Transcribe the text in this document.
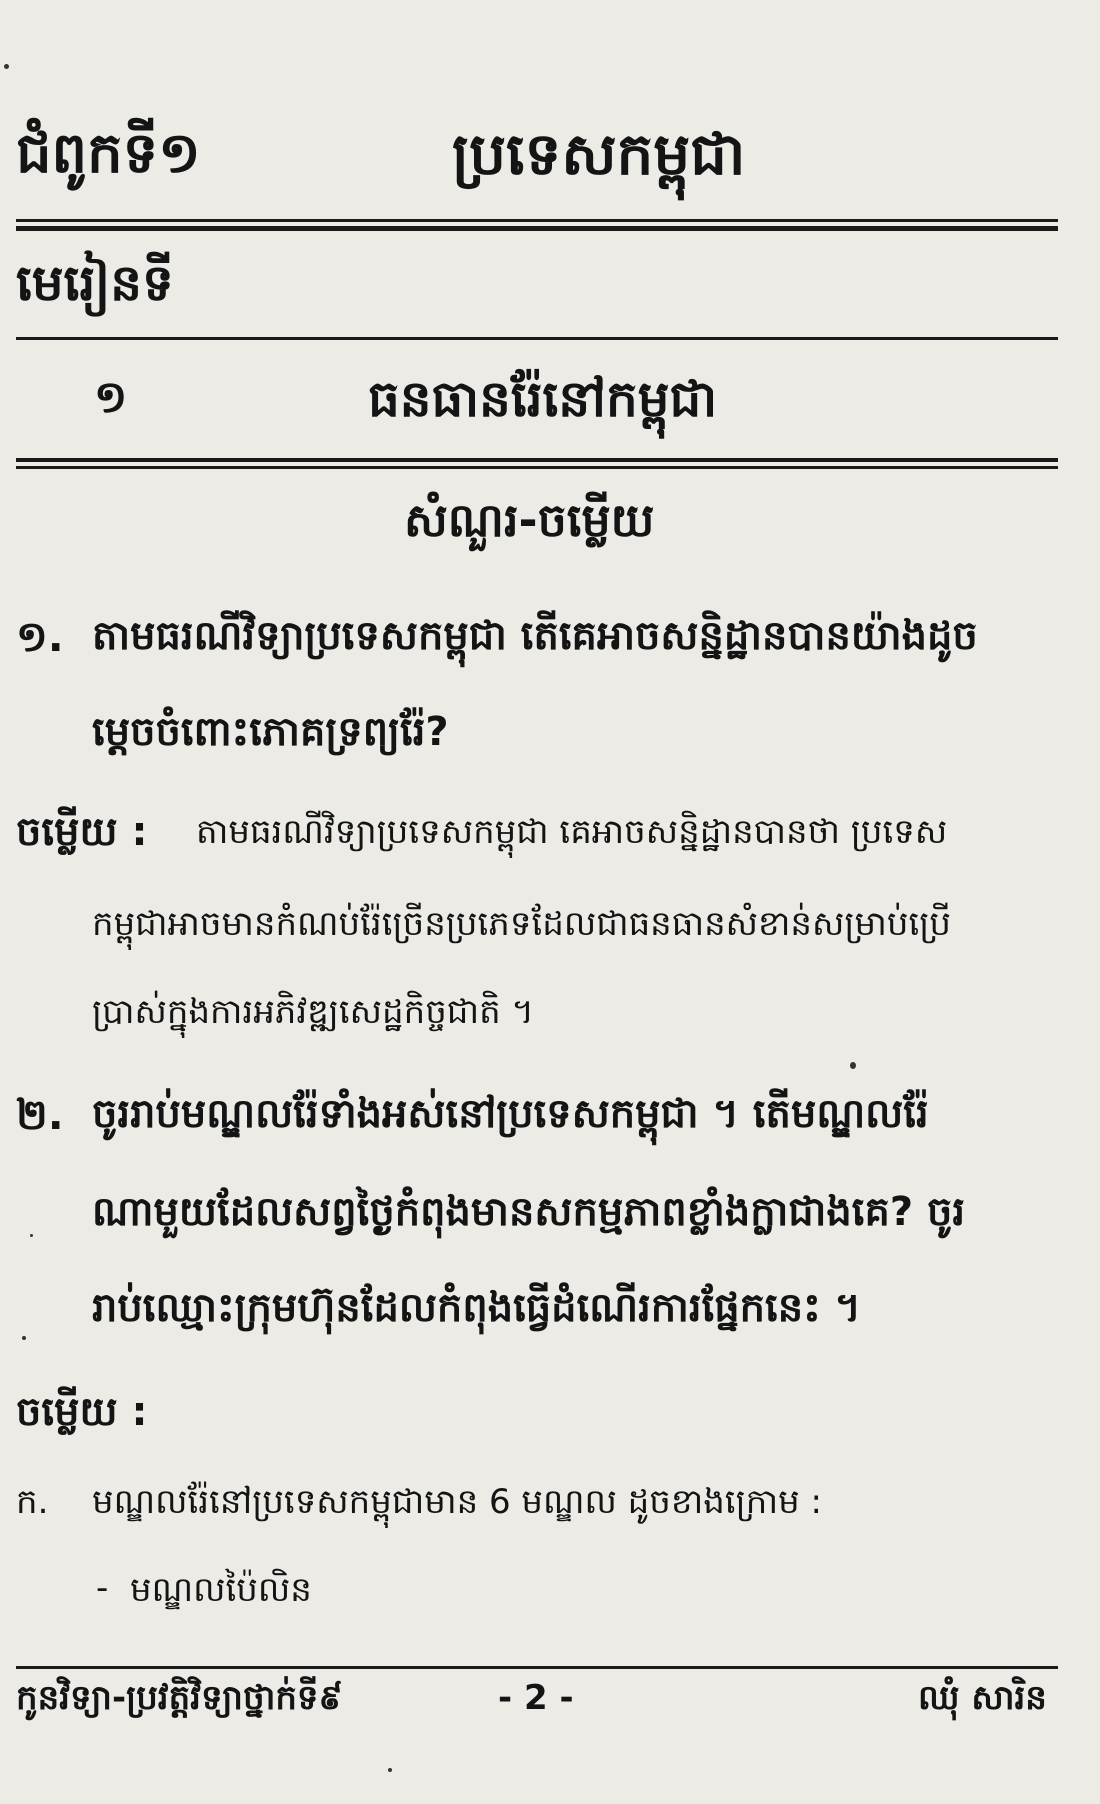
ជំពូកទី១	ប្រទេសកម្ពុជា
មេរៀនទី
១	ធនធានរ៉ែនៅកម្ពុជា
សំណួរ-ចម្លើយ
១. តាមធរណីវិទ្យាប្រទេសកម្ពុជា តើគេអាចសន្និដ្ឋានបានយ៉ាងដូច
ម្ដេចចំពោះភោគទ្រព្យរ៉ែ?
ចម្លើយ : តាមធរណីវិទ្យាប្រទេសកម្ពុជា គេអាចសន្និដ្ឋានបានថា ប្រទេស
កម្ពុជាអាចមានកំណប់រ៉ែច្រើនប្រភេទដែលជាធនធានសំខាន់សម្រាប់ប្រើ
ប្រាស់ក្នុងការអភិវឌ្ឍសេដ្ឋកិច្ចជាតិ ។
២. ចូររាប់មណ្ឌលរ៉ែទាំងអស់នៅប្រទេសកម្ពុជា ។ តើមណ្ឌលរ៉ែ
ណាមួយដែលសព្វថ្ងៃកំពុងមានសកម្មភាពខ្លាំងក្លាជាងគេ? ចូរ
រាប់ឈ្មោះក្រុមហ៊ុនដែលកំពុងធ្វើដំណើរការផ្នែកនេះ ។
ចម្លើយ :
ក. មណ្ឌលរ៉ែនៅប្រទេសកម្ពុជាមាន 6 មណ្ឌល ដូចខាងក្រោម :
- មណ្ឌលប៉ៃលិន
កូនវិទ្យា-ប្រវត្តិវិទ្យាថ្នាក់ទី៩	- 2 -	ឈុំ សារិន
